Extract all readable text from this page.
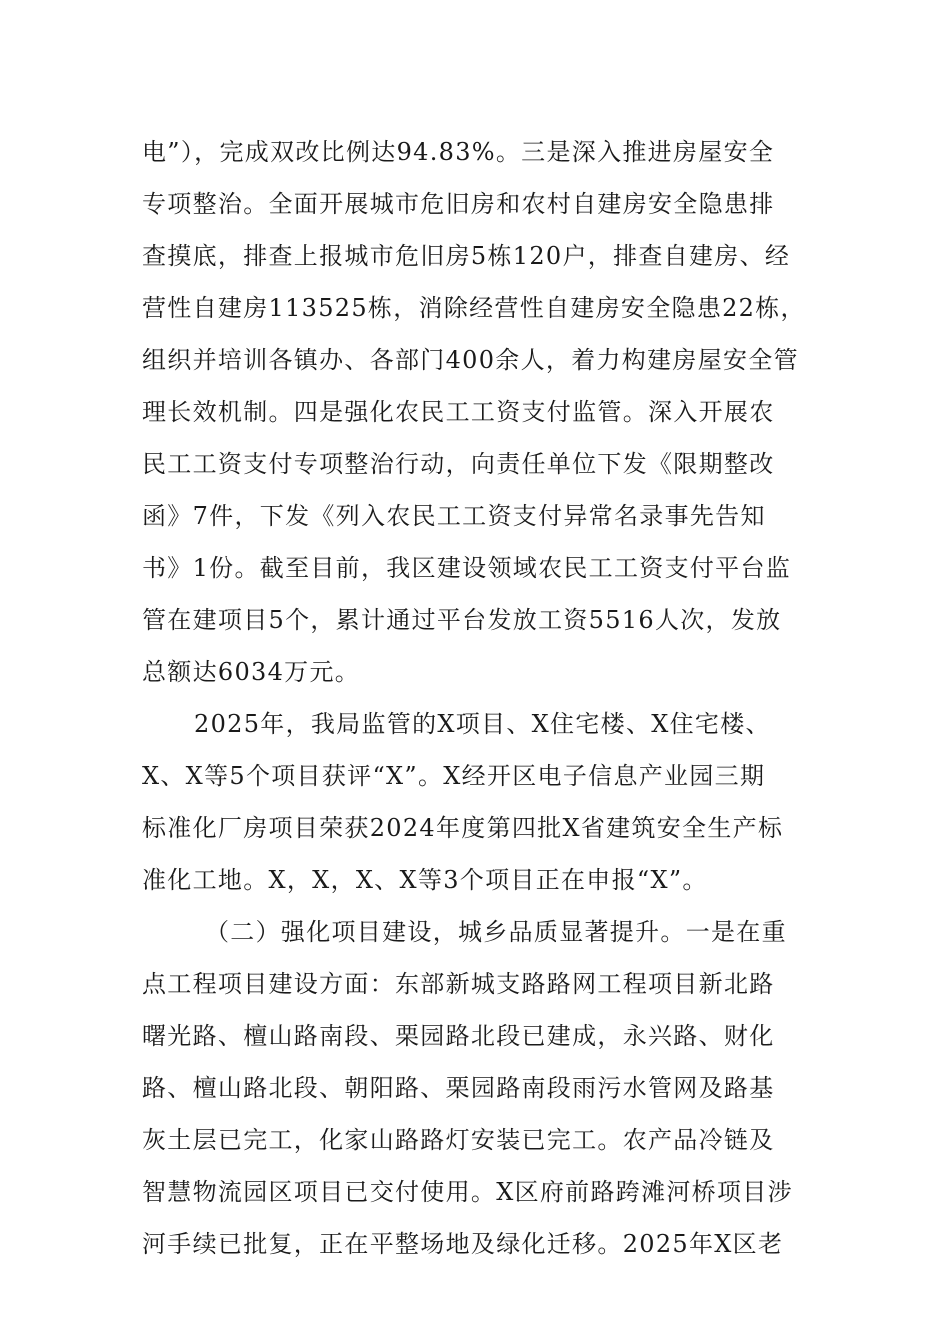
电”），完成双改比例达94.83%。三是深入推进房屋安全
专项整治。全面开展城市危旧房和农村自建房安全隐患排
查摸底，排查上报城市危旧房5栋120户，排查自建房、经
营性自建房113525栋，消除经营性自建房安全隐患22栋，
组织并培训各镇办、各部门400余人，着力构建房屋安全管
理长效机制。四是强化农民工工资支付监管。深入开展农
民工工资支付专项整治行动，向责任单位下发《限期整改
函》7件，下发《列入农民工工资支付异常名录事先告知
书》1份。截至目前，我区建设领域农民工工资支付平台监
管在建项目5个，累计通过平台发放工资5516人次，发放
总额达6034万元。
2025年，我局监管的X项目、X住宅楼、X住宅楼、
X、X等5个项目获评“X”。X经开区电子信息产业园三期
标准化厂房项目荣获2024年度第四批X省建筑安全生产标
准化工地。X，X，X、X等3个项目正在申报“X”。
（二）强化项目建设，城乡品质显著提升。一是在重
点工程项目建设方面：东部新城支路路网工程项目新北路
曙光路、檀山路南段、栗园路北段已建成，永兴路、财化
路、檀山路北段、朝阳路、栗园路南段雨污水管网及路基
灰土层已完工，化家山路路灯安装已完工。农产品冷链及
智慧物流园区项目已交付使用。X区府前路跨滩河桥项目涉
河手续已批复，正在平整场地及绿化迁移。2025年X区老
